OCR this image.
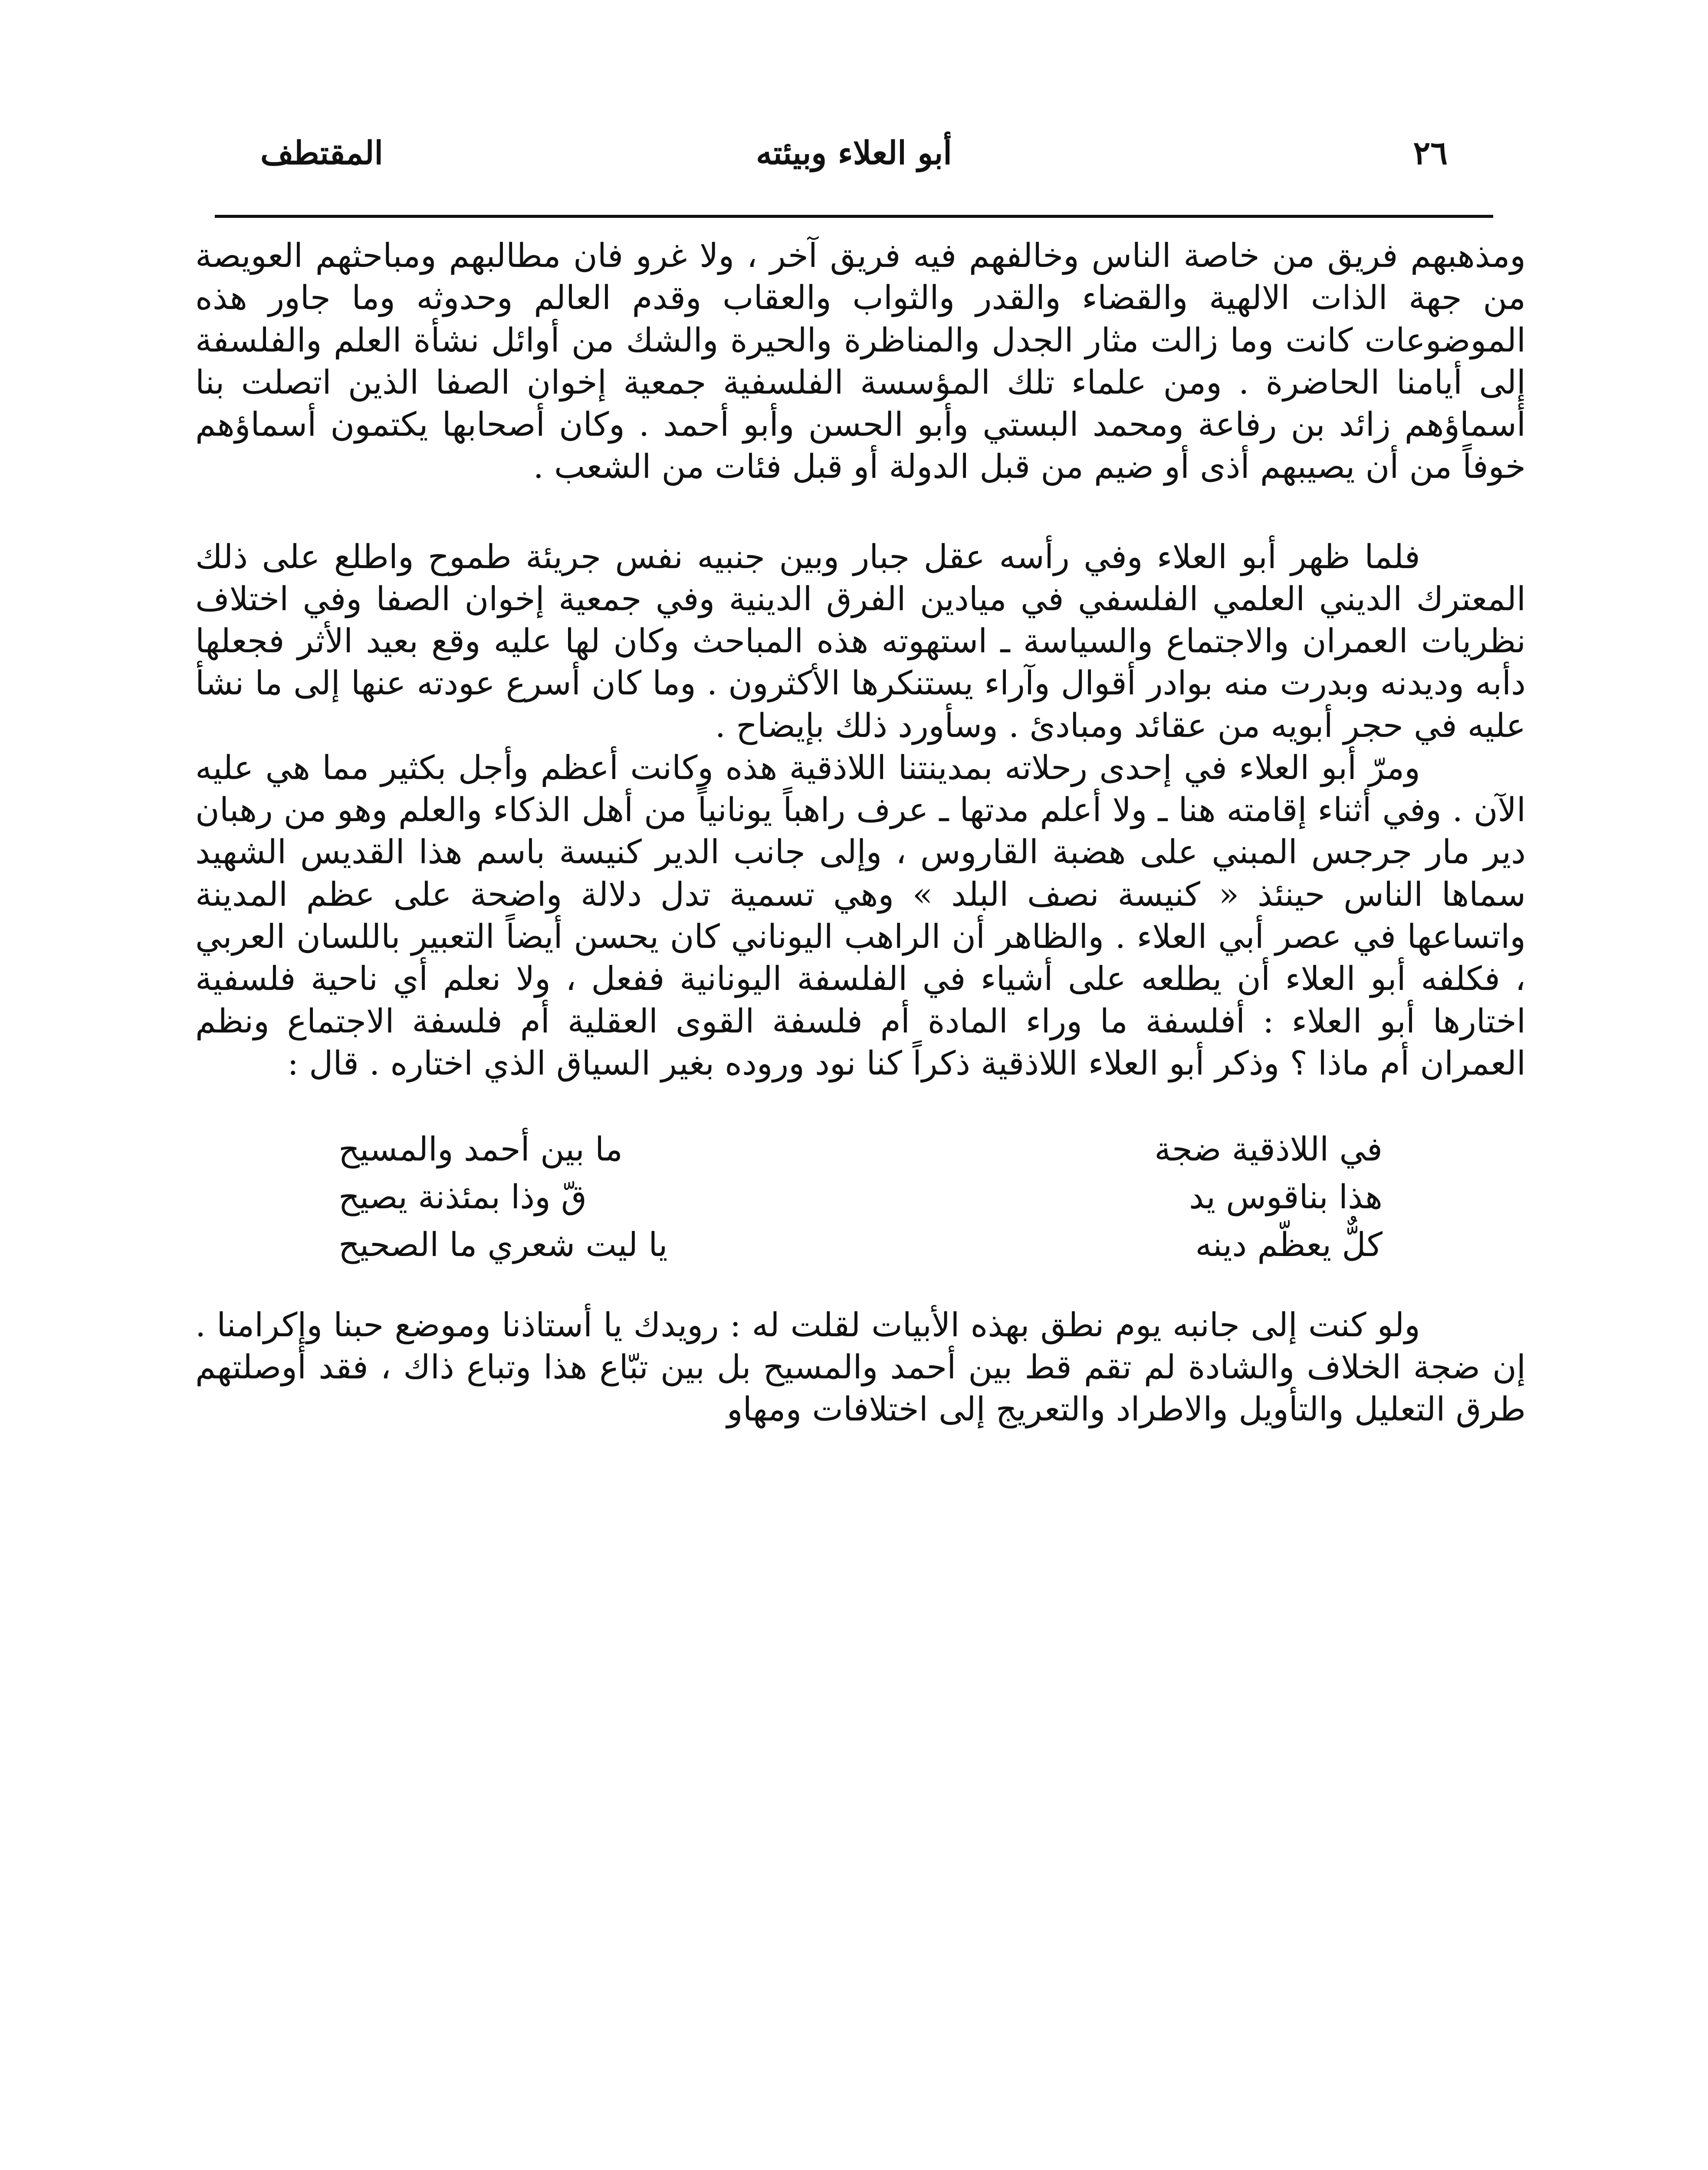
٢٦
أبو العلاء وبيئته
المقتطف

ومذهبهم فريق من خاصة الناس وخالفهم فيه فريق آخر ، ولا غرو فان مطالبهم ومباحثهم العويصة من جهة الذات الالهية والقضاء والقدر والثواب والعقاب وقدم العالم وحدوثه وما جاور هذه الموضوعات كانت وما زالت مثار الجدل والمناظرة والحيرة والشك من أوائل نشأة العلم والفلسفة إلى أيامنا الحاضرة . ومن علماء تلك المؤسسة الفلسفية جمعية إخوان الصفا الذين اتصلت بنا أسماؤهم زائد بن رفاعة ومحمد البستي وأبو الحسن وأبو أحمد . وكان أصحابها يكتمون أسماؤهم خوفاً من أن يصيبهم أذى أو ضيم من قبل الدولة أو قبل فئات من الشعب .

فلما ظهر أبو العلاء وفي رأسه عقل جبار وبين جنبيه نفس جريئة طموح واطلع على ذلك المعترك الديني العلمي الفلسفي في ميادين الفرق الدينية وفي جمعية إخوان الصفا وفي اختلاف نظريات العمران والاجتماع والسياسة ـ استهوته هذه المباحث وكان لها عليه وقع بعيد الأثر فجعلها دأبه وديدنه وبدرت منه بوادر أقوال وآراء يستنكرها الأكثرون . وما كان أسرع عودته عنها إلى ما نشأ عليه في حجر أبويه من عقائد ومبادئ . وسأورد ذلك بإيضاح .

ومرّ أبو العلاء في إحدى رحلاته بمدينتنا اللاذقية هذه وكانت أعظم وأجل بكثير مما هي عليه الآن . وفي أثناء إقامته هنا ـ ولا أعلم مدتها ـ عرف راهباً يونانياً من أهل الذكاء والعلم وهو من رهبان دير مار جرجس المبني على هضبة القاروس ، وإلى جانب الدير كنيسة باسم هذا القديس الشهيد سماها الناس حينئذ « كنيسة نصف البلد » وهي تسمية تدل دلالة واضحة على عظم المدينة واتساعها في عصر أبي العلاء . والظاهر أن الراهب اليوناني كان يحسن أيضاً التعبير باللسان العربي ، فكلفه أبو العلاء أن يطلعه على أشياء في الفلسفة اليونانية ففعل ، ولا نعلم أي ناحية فلسفية اختارها أبو العلاء : أفلسفة ما وراء المادة أم فلسفة القوى العقلية أم فلسفة الاجتماع ونظم العمران أم ماذا ؟ وذكر أبو العلاء اللاذقية ذكراً كنا نود وروده بغير السياق الذي اختاره . قال :

في اللاذقية ضجة
ما بين أحمد والمسيح
هذا بناقوس يد
قّ وذا بمئذنة يصيح
كلٌّ يعظّم دينه
يا ليت شعري ما الصحيح

ولو كنت إلى جانبه يوم نطق بهذه الأبيات لقلت له : رويدك يا أستاذنا وموضع حبنا وإكرامنا . إن ضجة الخلاف والشادة لم تقم قط بين أحمد والمسيح بل بين تبّاع هذا وتباع ذاك ، فقد أوصلتهم طرق التعليل والتأويل والاطراد والتعريج إلى اختلافات ومهاو
